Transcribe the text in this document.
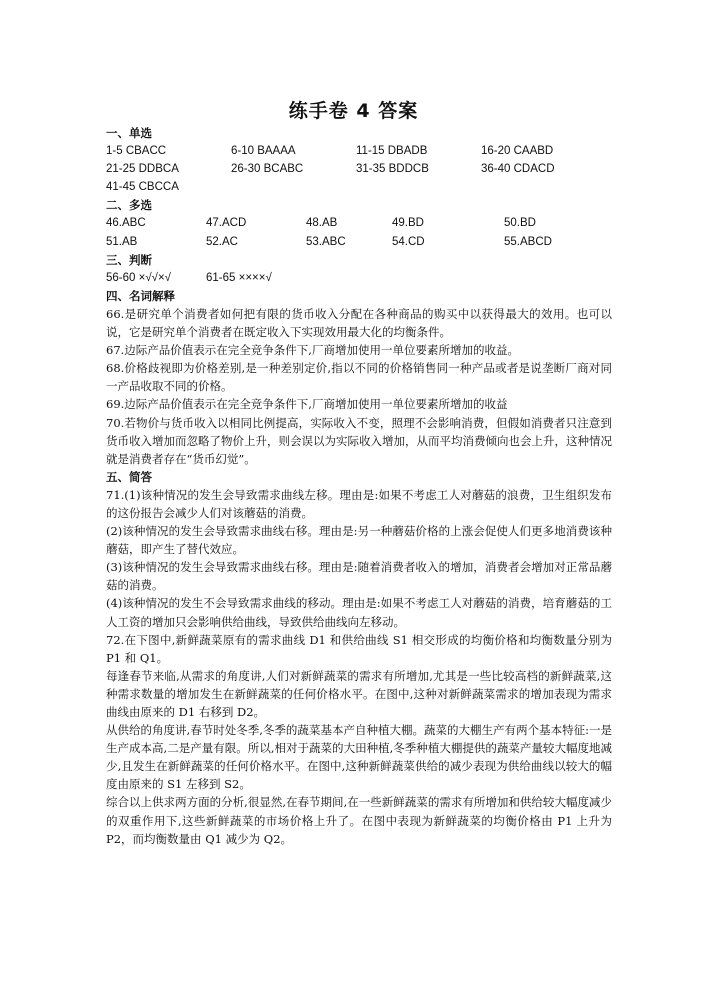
练手卷 4 答案
一、单选
1-5 CBACC	6-10 BAAAA	11-15 DBADB	16-20 CAABD
21-25 DDBCA	26-30 BCABC	31-35 BDDCB	36-40 CDACD
41-45 CBCCA
二、多选
46.ABC	47.ACD	48.AB	49.BD	50.BD
51.AB	52.AC	53.ABC	54.CD	55.ABCD
三、判断
56-60 ×√√×√	61-65 ××××√
四、名词解释

66.是研究单个消费者如何把有限的货币收入分配在各种商品的购买中以获得最大的效用。也可以说，它是研究单个消费者在既定收入下实现效用最大化的均衡条件。

67.边际产品价值表示在完全竞争条件下,厂商增加使用一单位要素所增加的收益。

68.价格歧视即为价格差别,是一种差别定价,指以不同的价格销售同一种产品或者是说垄断厂商对同一产品收取不同的价格。

69.边际产品价值表示在完全竞争条件下,厂商增加使用一单位要素所增加的收益

70.若物价与货币收入以相同比例提高，实际收入不变，照理不会影响消费，但假如消费者只注意到货币收入增加而忽略了物价上升，则会误以为实际收入增加，从而平均消费倾向也会上升，这种情况就是消费者存在“货币幻觉”。

五、简答

71.(1)该种情况的发生会导致需求曲线左移。理由是:如果不考虑工人对蘑菇的浪费，卫生组织发布的这份报告会减少人们对该蘑菇的消费。

(2)该种情况的发生会导致需求曲线右移。理由是:另一种蘑菇价格的上涨会促使人们更多地消费该种蘑菇，即产生了替代效应。

(3)该种情况的发生会导致需求曲线右移。理由是:随着消费者收入的增加，消费者会增加对正常品蘑菇的消费。

(4)该种情况的发生不会导致需求曲线的移动。理由是:如果不考虑工人对蘑菇的消费，培育蘑菇的工人工资的增加只会影响供给曲线，导致供给曲线向左移动。

72.在下图中,新鲜蔬菜原有的需求曲线 D1 和供给曲线 S1 相交形成的均衡价格和均衡数量分别为 P1 和 Q1。

每逢春节来临,从需求的角度讲,人们对新鲜蔬菜的需求有所增加,尤其是一些比较高档的新鲜蔬菜,这种需求数量的增加发生在新鲜蔬菜的任何价格水平。在图中,这种对新鲜蔬菜需求的增加表现为需求曲线由原来的 D1 右移到 D2。

从供给的角度讲,春节时处冬季,冬季的蔬菜基本产自种植大棚。蔬菜的大棚生产有两个基本特征:一是生产成本高,二是产量有限。所以,相对于蔬菜的大田种植,冬季种植大棚提供的蔬菜产量较大幅度地减少,且发生在新鲜蔬菜的任何价格水平。在图中,这种新鲜蔬菜供给的减少表现为供给曲线以较大的幅度由原来的 S1 左移到 S2。

综合以上供求两方面的分析,很显然,在春节期间,在一些新鲜蔬菜的需求有所增加和供给较大幅度减少的双重作用下,这些新鲜蔬菜的市场价格上升了。在图中表现为新鲜蔬菜的均衡价格由 P1 上升为 P2，而均衡数量由 Q1 减少为 Q2。
